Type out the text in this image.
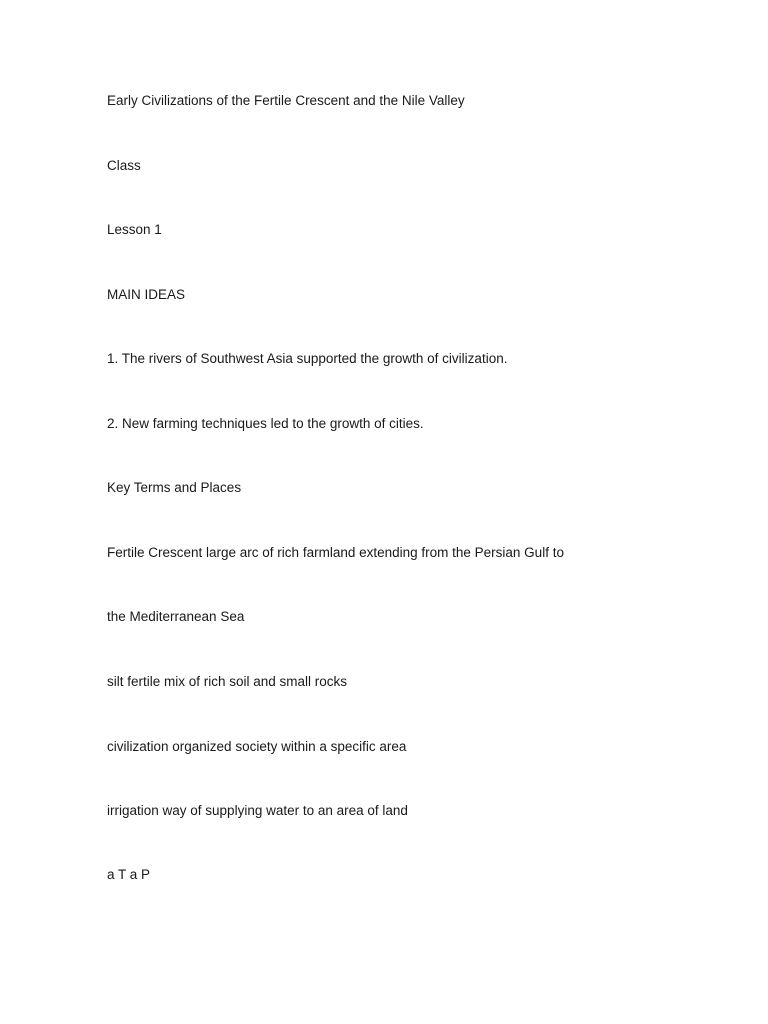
Early Civilizations of the Fertile Crescent and the Nile Valley

Class

Lesson 1

MAIN IDEAS

1. The rivers of Southwest Asia supported the growth of civilization.

2. New farming techniques led to the growth of cities.

Key Terms and Places

Fertile Crescent large arc of rich farmland extending from the Persian Gulf to

the Mediterranean Sea

silt fertile mix of rich soil and small rocks

civilization organized society within a specific area

irrigation way of supplying water to an area of land

a T a P
